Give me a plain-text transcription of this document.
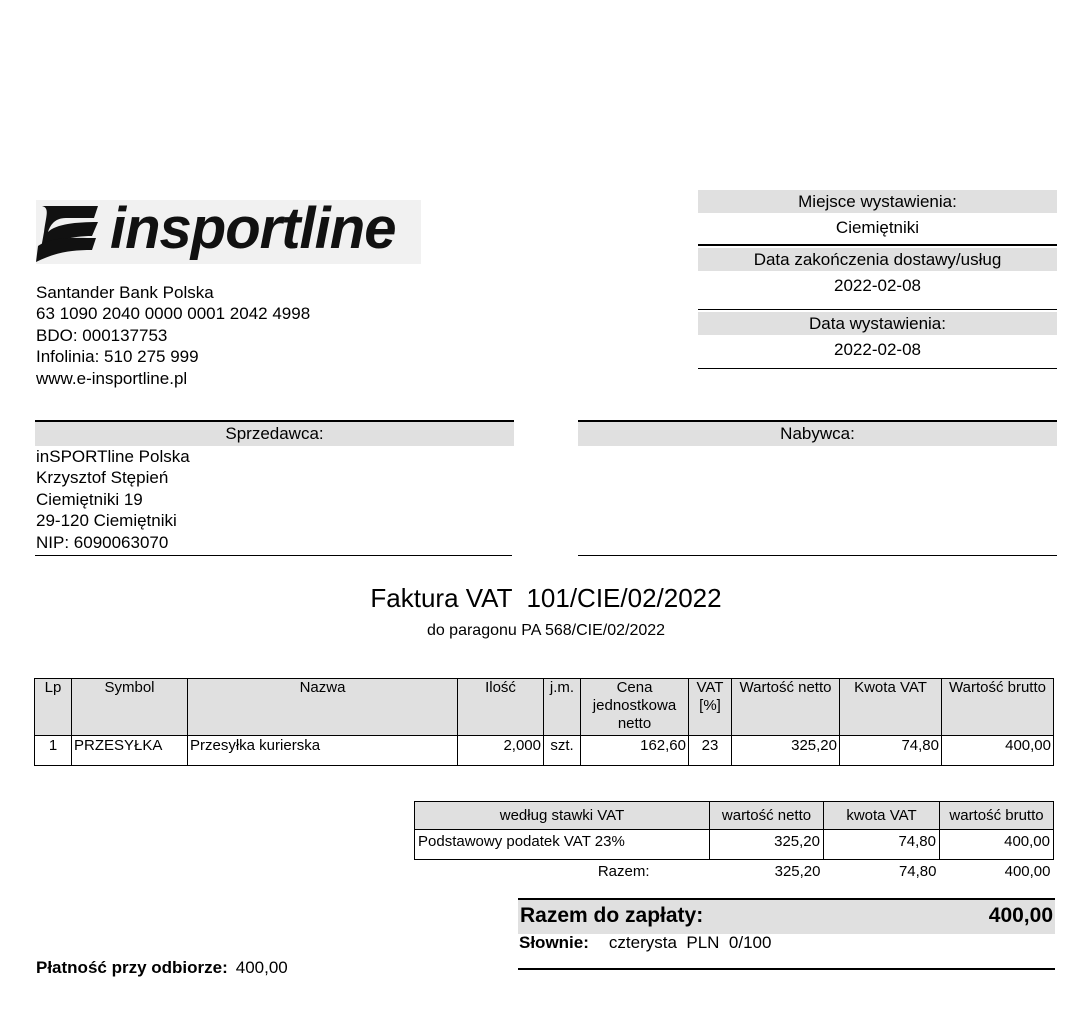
insportline
Santander Bank Polska
63 1090 2040 0000 0001 2042 4998
BDO: 000137753
Infolinia: 510 275 999
www.e-insportline.pl
Miejsce wystawienia:
Ciemiętniki
Data zakończenia dostawy/usług
2022-02-08
Data wystawienia:
2022-02-08
Sprzedawca:
inSPORTline Polska
Krzysztof Stępień
Ciemiętniki 19
29-120 Ciemiętniki
NIP: 6090063070
Nabywca:
Faktura VAT  101/CIE/02/2022
do paragonu PA 568/CIE/02/2022
Lp	Symbol	Nazwa	Ilość	j.m.	Cena jednostkowa netto	VAT [%]	Wartość netto	Kwota VAT	Wartość brutto
1	PRZESYŁKA	Przesyłka kurierska	2,000	szt.	162,60	23	325,20	74,80	400,00
według stawki VAT	wartość netto	kwota VAT	wartość brutto
Podstawowy podatek VAT 23%	325,20	74,80	400,00
Razem:	325,20	74,80	400,00
Razem do zapłaty:	400,00
Słownie: czterysta  PLN  0/100
Płatność przy odbiorze: 400,00
